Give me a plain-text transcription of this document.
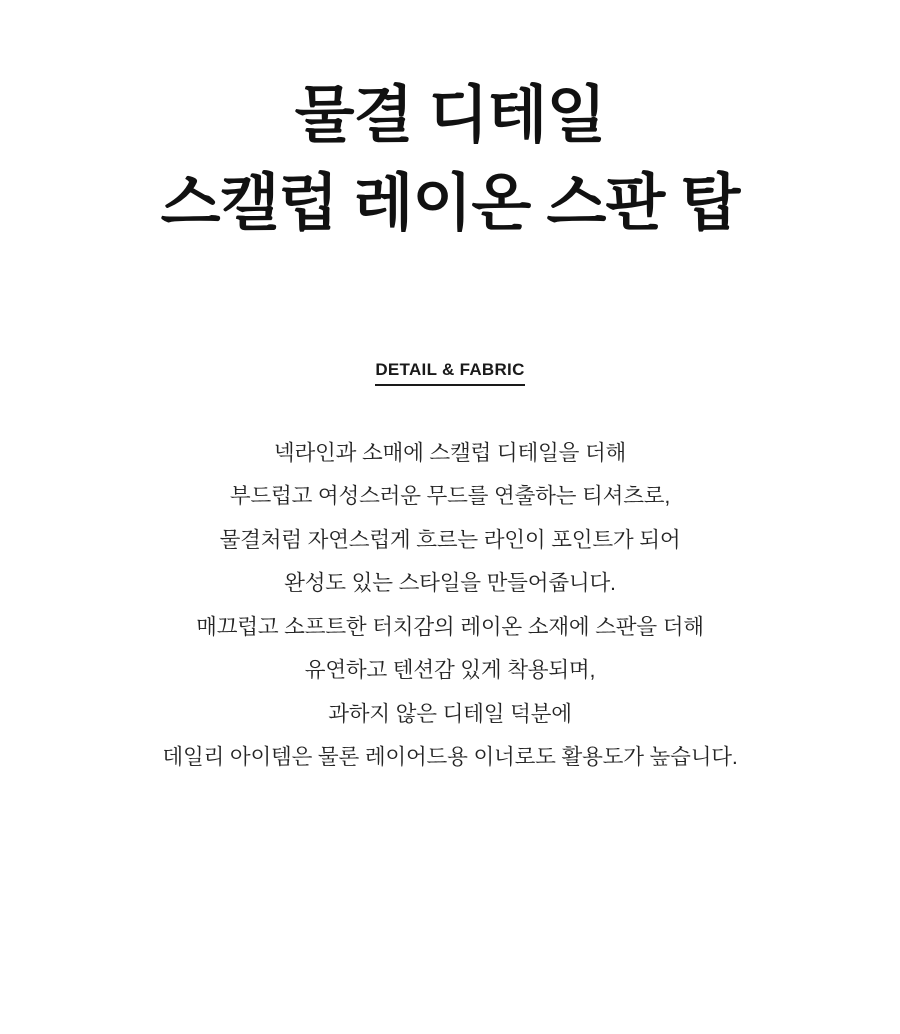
물결 디테일
스캘럽 레이온 스판 탑
DETAIL & FABRIC
넥라인과 소매에 스캘럽 디테일을 더해
부드럽고 여성스러운 무드를 연출하는 티셔츠로,
물결처럼 자연스럽게 흐르는 라인이 포인트가 되어
완성도 있는 스타일을 만들어줍니다.
매끄럽고 소프트한 터치감의 레이온 소재에 스판을 더해
유연하고 텐션감 있게 착용되며,
과하지 않은 디테일 덕분에
데일리 아이템은 물론 레이어드용 이너로도 활용도가 높습니다.
